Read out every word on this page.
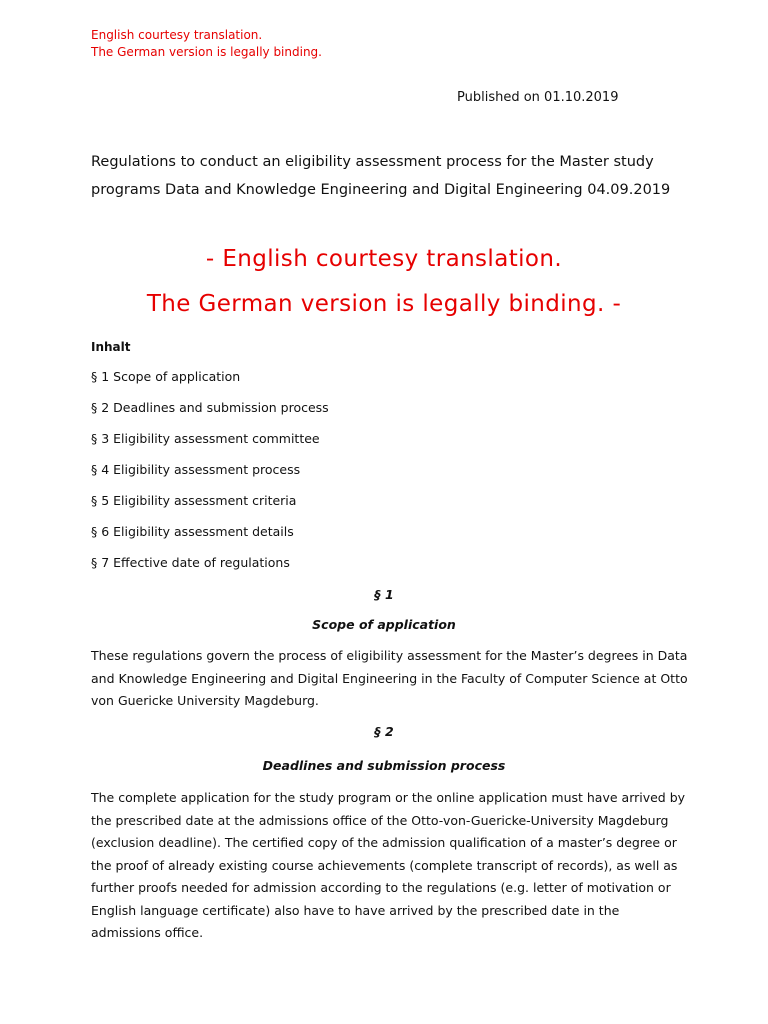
English courtesy translation.
The German version is legally binding.
Published on 01.10.2019
Regulations to conduct an eligibility assessment process for the Master study programs Data and Knowledge Engineering and Digital Engineering 04.09.2019
- English courtesy translation.
The German version is legally binding. -
Inhalt
§ 1 Scope of application
§ 2 Deadlines and submission process
§ 3 Eligibility assessment committee
§ 4 Eligibility assessment process
§ 5 Eligibility assessment criteria
§ 6 Eligibility assessment details
§ 7 Effective date of regulations
§ 1
Scope of application
These regulations govern the process of eligibility assessment for the Master’s degrees in Data and Knowledge Engineering and Digital Engineering in the Faculty of Computer Science at Otto von Guericke University Magdeburg.
§ 2
Deadlines and submission process
The complete application for the study program or the online application must have arrived by the prescribed date at the admissions office of the Otto-von-Guericke-University Magdeburg (exclusion deadline). The certified copy of the admission qualification of a master’s degree or the proof of already existing course achievements (complete transcript of records), as well as further proofs needed for admission according to the regulations (e.g. letter of motivation or English language certificate) also have to have arrived by the prescribed date in the admissions office.
